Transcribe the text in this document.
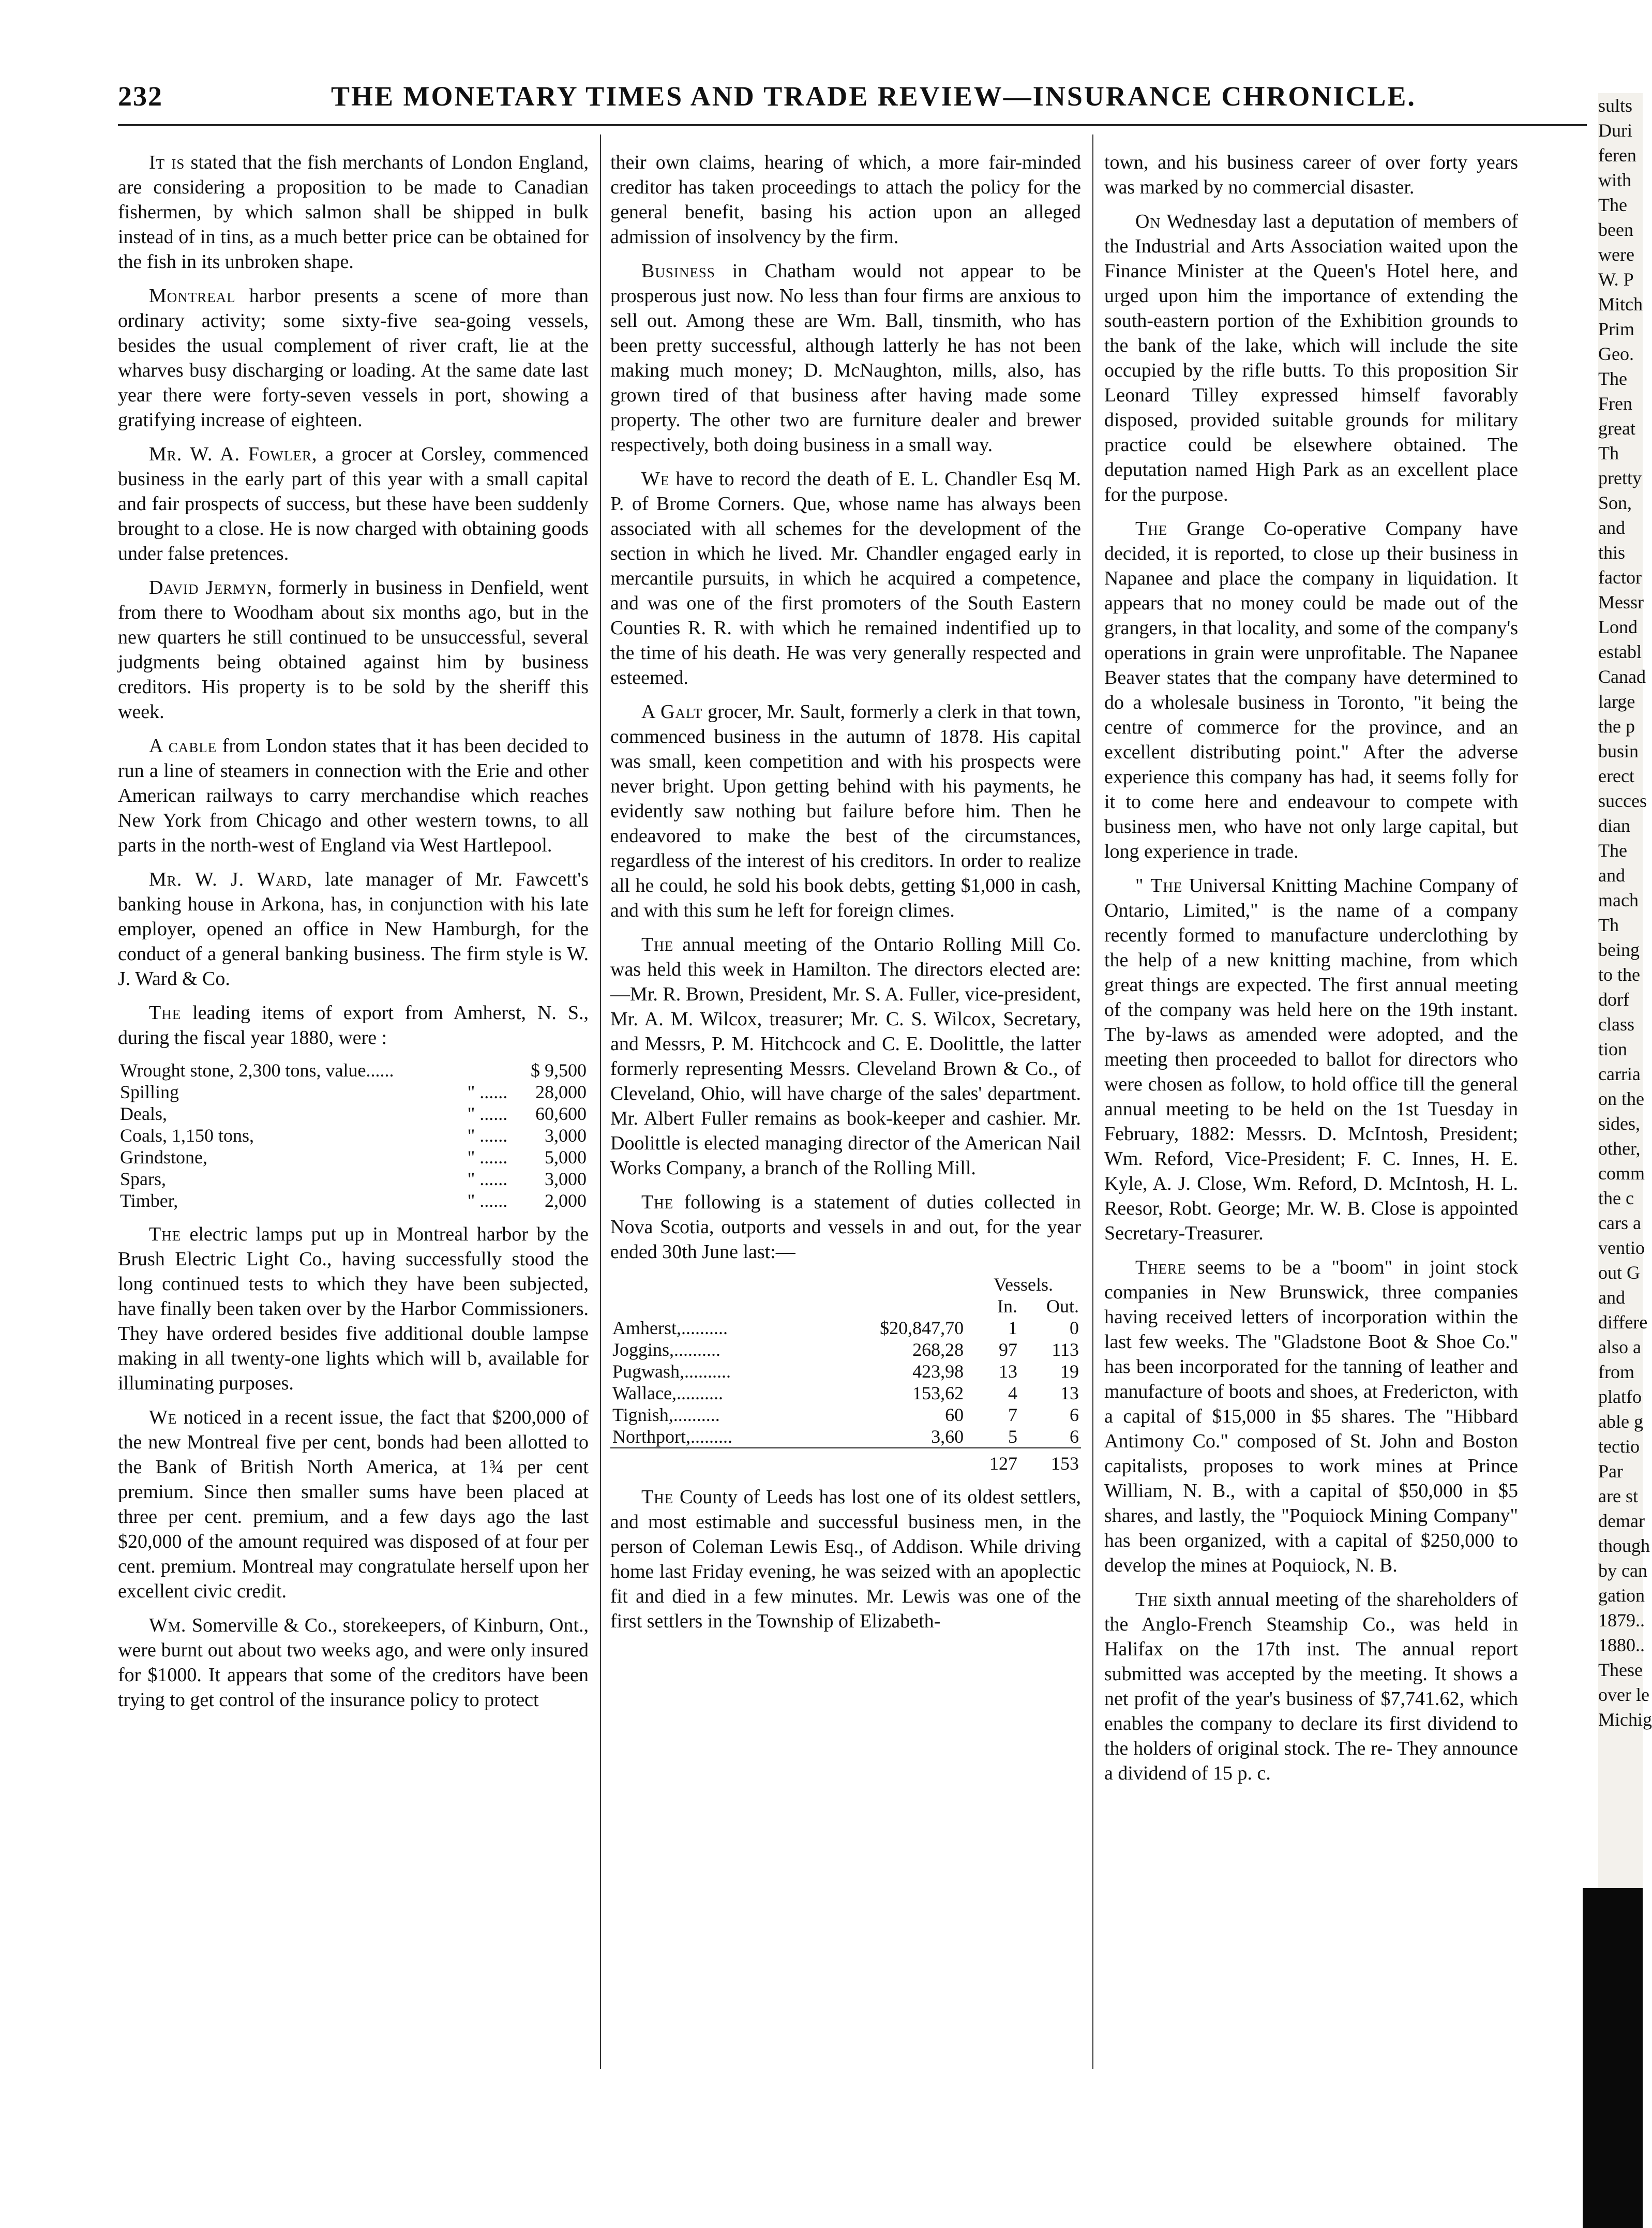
232	THE MONETARY TIMES AND TRADE REVIEW—INSURANCE CHRONICLE.

It is stated that the fish merchants of London England, are considering a proposition to be made to Canadian fishermen, by which salmon shall be shipped in bulk instead of in tins, as a much better price can be obtained for the fish in its unbroken shape.

Montreal harbor presents a scene of more than ordinary activity; some sixty-five sea-going vessels, besides the usual complement of river craft, lie at the wharves busy discharging or loading. At the same date last year there were forty-seven vessels in port, showing a gratifying increase of eighteen.

Mr. W. A. Fowler, a grocer at Corsley, commenced business in the early part of this year with a small capital and fair prospects of success, but these have been suddenly brought to a close. He is now charged with obtaining goods under false pretences.

David Jermyn, formerly in business in Denfield, went from there to Woodham about six months ago, but in the new quarters he still continued to be unsuccessful, several judgments being obtained against him by business creditors. His property is to be sold by the sheriff this week.

A cable from London states that it has been decided to run a line of steamers in connection with the Erie and other American railways to carry merchandise which reaches New York from Chicago and other western towns, to all parts in the north-west of England via West Hartlepool.

Mr. W. J. Ward, late manager of Mr. Fawcett's banking house in Arkona, has, in conjunction with his late employer, opened an office in New Hamburgh, for the conduct of a general banking business. The firm style is W. J. Ward & Co.

The leading items of export from Amherst, N. S., during the fiscal year 1880, were :

Wrought stone, 2,300 tons, value......		$ 9,500
Spilling	" ......	28,000
Deals,	" ......	60,600
Coals, 1,150 tons,	" ......	3,000
Grindstone,	" ......	5,000
Spars,	" ......	3,000
Timber,	" ......	2,000

The electric lamps put up in Montreal harbor by the Brush Electric Light Co., having successfully stood the long continued tests to which they have been subjected, have finally been taken over by the Harbor Commissioners. They have ordered besides five additional double lampse making in all twenty-one lights which will b, available for illuminating purposes.

We noticed in a recent issue, the fact that $200,000 of the new Montreal five per cent, bonds had been allotted to the Bank of British North America, at 1¾ per cent premium. Since then smaller sums have been placed at three per cent. premium, and a few days ago the last $20,000 of the amount required was disposed of at four per cent. premium. Montreal may congratulate herself upon her excellent civic credit.

Wm. Somerville & Co., storekeepers, of Kinburn, Ont., were burnt out about two weeks ago, and were only insured for $1000. It appears that some of the creditors have been trying to get control of the insurance policy to protect

their own claims, hearing of which, a more fair-minded creditor has taken proceedings to attach the policy for the general benefit, basing his action upon an alleged admission of insolvency by the firm.

Business in Chatham would not appear to be prosperous just now. No less than four firms are anxious to sell out. Among these are Wm. Ball, tinsmith, who has been pretty successful, although latterly he has not been making much money; D. McNaughton, mills, also, has grown tired of that business after having made some property. The other two are furniture dealer and brewer respectively, both doing business in a small way.

We have to record the death of E. L. Chandler Esq M. P. of Brome Corners. Que, whose name has always been associated with all schemes for the development of the section in which he lived. Mr. Chandler engaged early in mercantile pursuits, in which he acquired a competence, and was one of the first promoters of the South Eastern Counties R. R. with which he remained indentified up to the time of his death. He was very generally respected and esteemed.

A Galt grocer, Mr. Sault, formerly a clerk in that town, commenced business in the autumn of 1878. His capital was small, keen competition and with his prospects were never bright. Upon getting behind with his payments, he evidently saw nothing but failure before him. Then he endeavored to make the best of the circumstances, regardless of the interest of his creditors. In order to realize all he could, he sold his book debts, getting $1,000 in cash, and with this sum he left for foreign climes.

The annual meeting of the Ontario Rolling Mill Co. was held this week in Hamilton. The directors elected are:—Mr. R. Brown, President, Mr. S. A. Fuller, vice-president, Mr. A. M. Wilcox, treasurer; Mr. C. S. Wilcox, Secretary, and Messrs, P. M. Hitchcock and C. E. Doolittle, the latter formerly representing Messrs. Cleveland Brown & Co., of Cleveland, Ohio, will have charge of the sales' department. Mr. Albert Fuller remains as book-keeper and cashier. Mr. Doolittle is elected managing director of the American Nail Works Company, a branch of the Rolling Mill.

The following is a statement of duties collected in Nova Scotia, outports and vessels in and out, for the year ended 30th June last:—

		Vessels.	
		In.	Out.
Amherst,..........	$20,847,70	1	0
Joggins,..........	268,28	97	113
Pugwash,..........	423,98	13	19
Wallace,..........	153,62	4	13
Tignish,..........	60	7	6
Northport,.........	3,60	5	6
		127	153

The County of Leeds has lost one of its oldest settlers, and most estimable and successful business men, in the person of Coleman Lewis Esq., of Addison. While driving home last Friday evening, he was seized with an apoplectic fit and died in a few minutes. Mr. Lewis was one of the first settlers in the Township of Elizabeth-

town, and his business career of over forty years was marked by no commercial disaster.

On Wednesday last a deputation of members of the Industrial and Arts Association waited upon the Finance Minister at the Queen's Hotel here, and urged upon him the importance of extending the south-eastern portion of the Exhibition grounds to the bank of the lake, which will include the site occupied by the rifle butts. To this proposition Sir Leonard Tilley expressed himself favorably disposed, provided suitable grounds for military practice could be elsewhere obtained. The deputation named High Park as an excellent place for the purpose.

The Grange Co-operative Company have decided, it is reported, to close up their business in Napanee and place the company in liquidation. It appears that no money could be made out of the grangers, in that locality, and some of the company's operations in grain were unprofitable. The Napanee Beaver states that the company have determined to do a wholesale business in Toronto, "it being the centre of commerce for the province, and an excellent distributing point." After the adverse experience this company has had, it seems folly for it to come here and endeavour to compete with business men, who have not only large capital, but long experience in trade.

" The Universal Knitting Machine Company of Ontario, Limited," is the name of a company recently formed to manufacture underclothing by the help of a new knitting machine, from which great things are expected. The first annual meeting of the company was held here on the 19th instant. The by-laws as amended were adopted, and the meeting then proceeded to ballot for directors who were chosen as follow, to hold office till the general annual meeting to be held on the 1st Tuesday in February, 1882: Messrs. D. McIntosh, President; Wm. Reford, Vice-President; F. C. Innes, H. E. Kyle, A. J. Close, Wm. Reford, D. McIntosh, H. L. Reesor, Robt. George; Mr. W. B. Close is appointed Secretary-Treasurer.

There seems to be a "boom" in joint stock companies in New Brunswick, three companies having received letters of incorporation within the last few weeks. The "Gladstone Boot & Shoe Co." has been incorporated for the tanning of leather and manufacture of boots and shoes, at Fredericton, with a capital of $15,000 in $5 shares. The "Hibbard Antimony Co." composed of St. John and Boston capitalists, proposes to work mines at Prince William, N. B., with a capital of $50,000 in $5 shares, and lastly, the "Poquiock Mining Company" has been organized, with a capital of $250,000 to develop the mines at Poquiock, N. B.

The sixth annual meeting of the shareholders of the Anglo-French Steamship Co., was held in Halifax on the 17th inst. The annual report submitted was accepted by the meeting. It shows a net profit of the year's business of $7,741.62, which enables the company to declare its first dividend to the holders of original stock. The re- They announce a dividend of 15 p. c.

sults
Duri
feren
with
The
been
were
W. P
Mitch
Prim
Geo.
The
Fren
great
Th
pretty
Son,
and
this
factor
Messr
Lond
establ
Canad
large
the p
busin
erect
succes
dian
The
and
mach
Th
being
to the
dorf
class
tion
carria
on the
sides,
other,
comm
the c
cars a
ventio
out G
and
differe
also a
from
platfo
able g
tectio
Par
are st
demar
though
by can
gation
1879..
1880..
These
over le
Michig
